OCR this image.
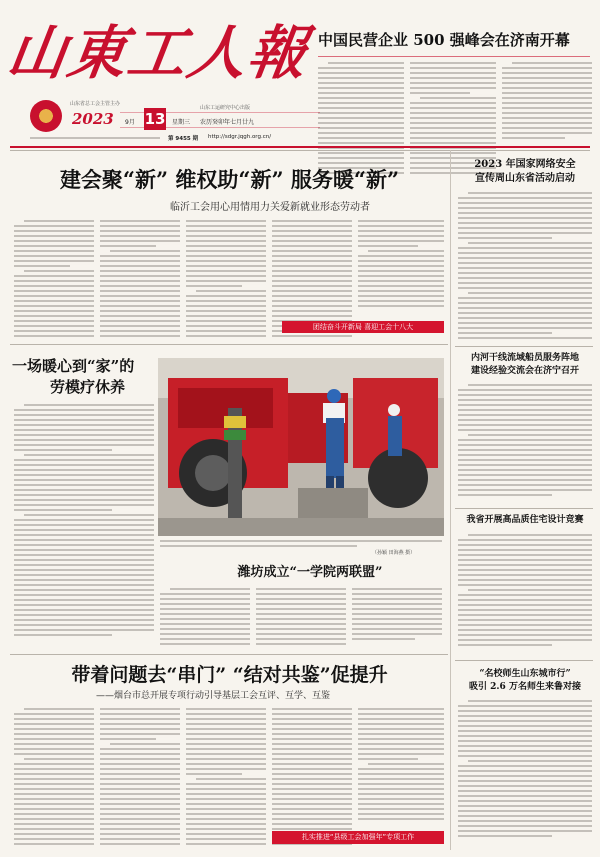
山東工人報 中国民营企业 500 强峰会在济南开幕
山东省总工会主管主办
2023 9月 13 星期三
山东工运研究中心出版
农历癸卯年七月廿九
第 9455 期 http://sdgr.jqgh.org.cn/
2023 年国家网络安全
宣传周山东省活动启动
内河干线流域船员服务阵地
建设经验交流会在济宁召开
我省开展高品质住宅设计竞赛
“名校师生山东城市行”
吸引 2.6 万名师生来鲁对接
建会聚“新” 维权助“新” 服务暖“新”
临沂工会用心用情用力关爱新就业形态劳动者
团结奋斗开新局 喜迎工会十八大
一场暖心到“家”的
劳模疗休养
（孙颖 田海燕 摄）
潍坊成立“一学院两联盟”
带着问题去“串门” “结对共鉴”促提升
——烟台市总开展专项行动引导基层工会互评、互学、互鉴
扎实推进“县级工会加强年”专项工作
